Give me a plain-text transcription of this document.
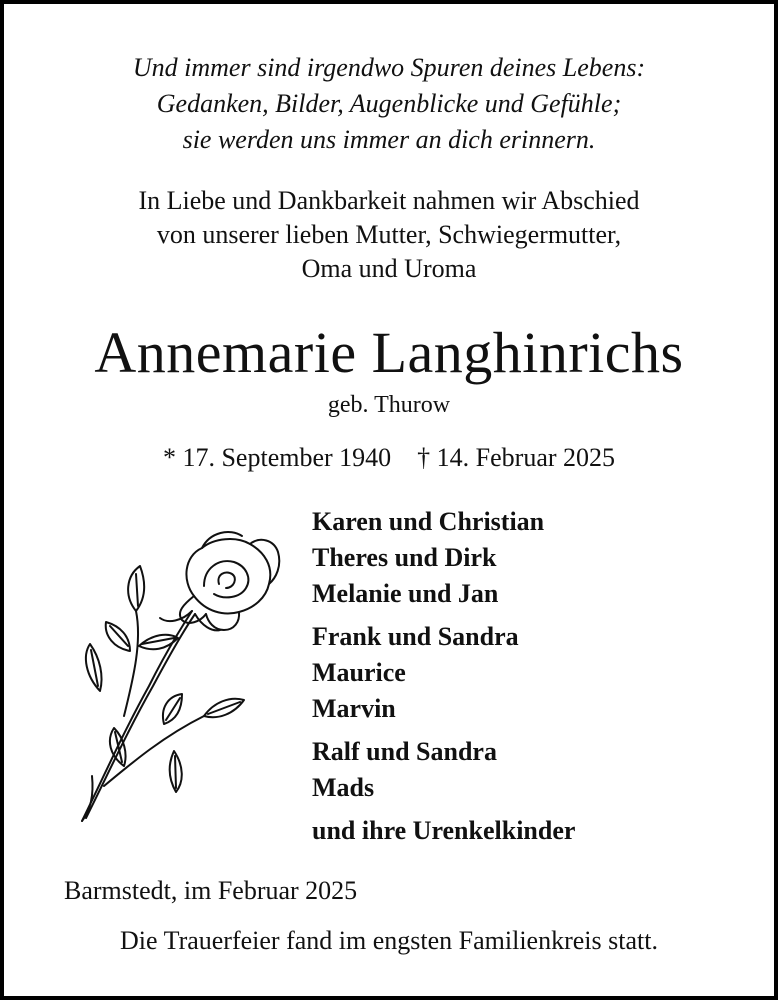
Und immer sind irgendwo Spuren deines Lebens:
Gedanken, Bilder, Augenblicke und Gefühle;
sie werden uns immer an dich erinnern.
In Liebe und Dankbarkeit nahmen wir Abschied
von unserer lieben Mutter, Schwiegermutter,
Oma und Uroma
Annemarie Langhinrichs
geb. Thurow
* 17. September 1940 † 14. Februar 2025
Karen und Christian
Theres und Dirk
Melanie und Jan
Frank und Sandra
Maurice
Marvin
Ralf und Sandra
Mads
und ihre Urenkelkinder
Barmstedt, im Februar 2025
Die Trauerfeier fand im engsten Familienkreis statt.
